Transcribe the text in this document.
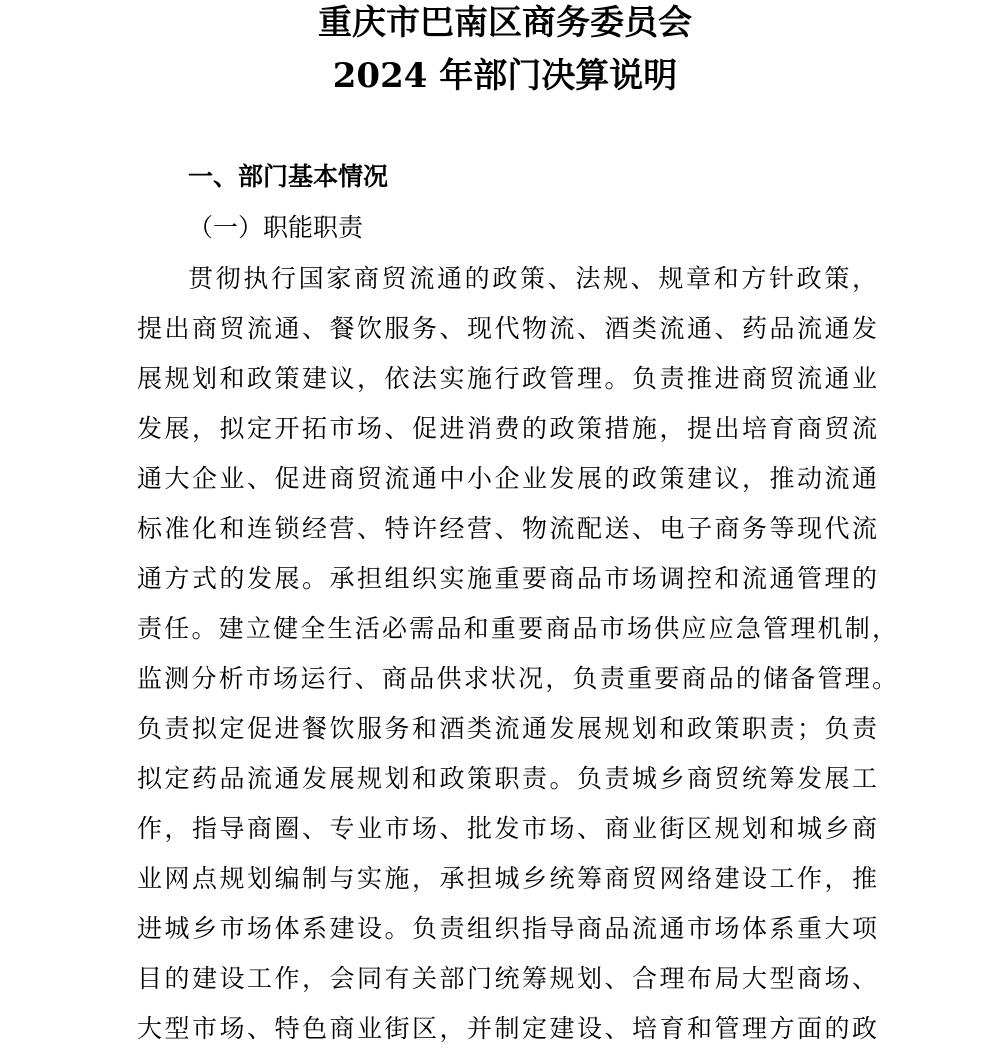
重庆市巴南区商务委员会
2024 年部门决算说明
一、部门基本情况
（一）职能职责
贯彻执行国家商贸流通的政策、法规、规章和方针政策，
提出商贸流通、餐饮服务、现代物流、酒类流通、药品流通发
展规划和政策建议，依法实施行政管理。负责推进商贸流通业
发展，拟定开拓市场、促进消费的政策措施，提出培育商贸流
通大企业、促进商贸流通中小企业发展的政策建议，推动流通
标准化和连锁经营、特许经营、物流配送、电子商务等现代流
通方式的发展。承担组织实施重要商品市场调控和流通管理的
责任。建立健全生活必需品和重要商品市场供应应急管理机制，
监测分析市场运行、商品供求状况，负责重要商品的储备管理。
负责拟定促进餐饮服务和酒类流通发展规划和政策职责；负责
拟定药品流通发展规划和政策职责。负责城乡商贸统筹发展工
作，指导商圈、专业市场、批发市场、商业街区规划和城乡商
业网点规划编制与实施，承担城乡统筹商贸网络建设工作，推
进城乡市场体系建设。负责组织指导商品流通市场体系重大项
目的建设工作，会同有关部门统筹规划、合理布局大型商场、
大型市场、特色商业街区，并制定建设、培育和管理方面的政
